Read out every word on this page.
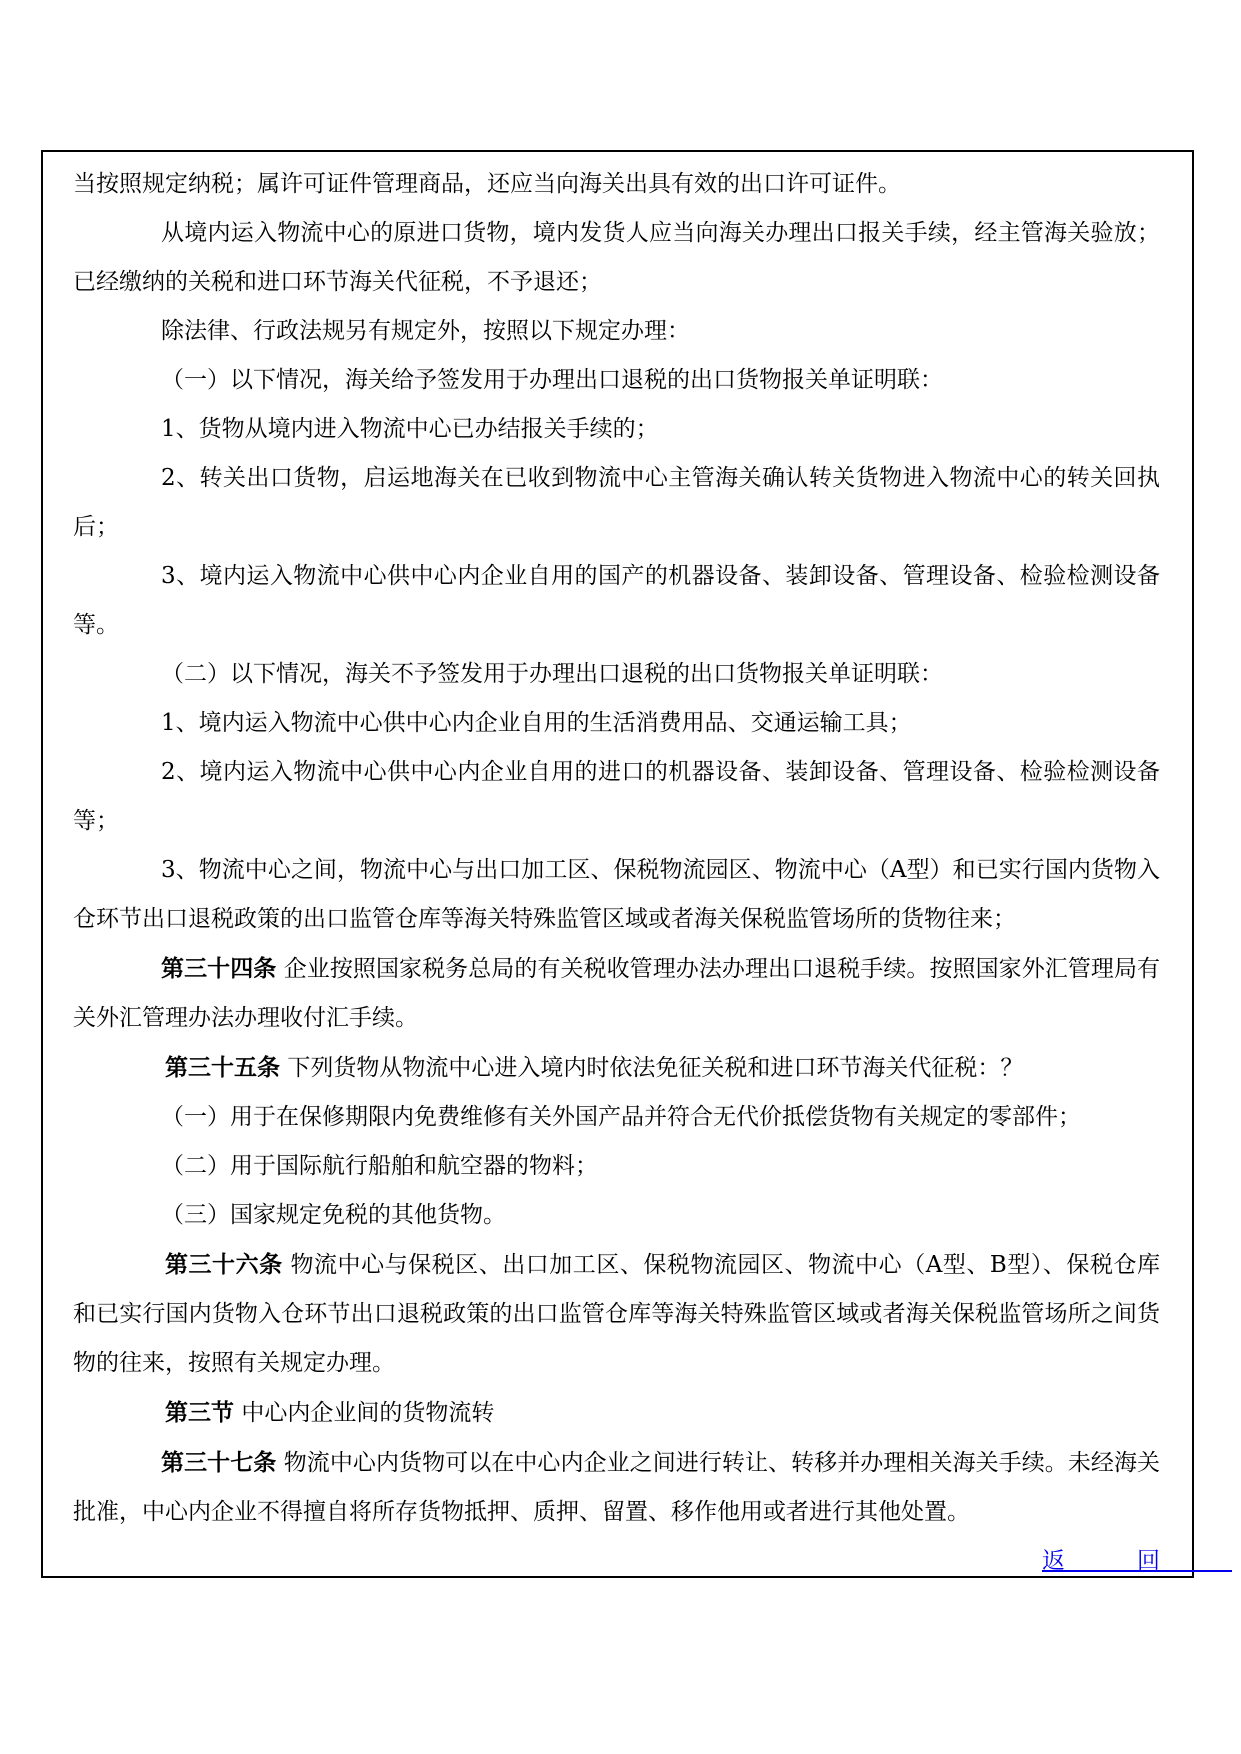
当按照规定纳税；属许可证件管理商品，还应当向海关出具有效的出口许可证件。

从境内运入物流中心的原进口货物，境内发货人应当向海关办理出口报关手续，经主管海关验放；已经缴纳的关税和进口环节海关代征税，不予退还；

除法律、行政法规另有规定外，按照以下规定办理：

（一）以下情况，海关给予签发用于办理出口退税的出口货物报关单证明联：

1、货物从境内进入物流中心已办结报关手续的；

2、转关出口货物，启运地海关在已收到物流中心主管海关确认转关货物进入物流中心的转关回执后；

3、境内运入物流中心供中心内企业自用的国产的机器设备、装卸设备、管理设备、检验检测设备等。

（二）以下情况，海关不予签发用于办理出口退税的出口货物报关单证明联：

1、境内运入物流中心供中心内企业自用的生活消费用品、交通运输工具；

2、境内运入物流中心供中心内企业自用的进口的机器设备、装卸设备、管理设备、检验检测设备等；

3、物流中心之间，物流中心与出口加工区、保税物流园区、物流中心（A型）和已实行国内货物入仓环节出口退税政策的出口监管仓库等海关特殊监管区域或者海关保税监管场所的货物往来；

第三十四条 企业按照国家税务总局的有关税收管理办法办理出口退税手续。按照国家外汇管理局有关外汇管理办法办理收付汇手续。

第三十五条 下列货物从物流中心进入境内时依法免征关税和进口环节海关代征税：？

（一）用于在保修期限内免费维修有关外国产品并符合无代价抵偿货物有关规定的零部件；

（二）用于国际航行船舶和航空器的物料；

（三）国家规定免税的其他货物。

第三十六条 物流中心与保税区、出口加工区、保税物流园区、物流中心（A型、B型）、保税仓库和已实行国内货物入仓环节出口退税政策的出口监管仓库等海关特殊监管区域或者海关保税监管场所之间货物的往来，按照有关规定办理。

第三节 中心内企业间的货物流转

第三十七条 物流中心内货物可以在中心内企业之间进行转让、转移并办理相关海关手续。未经海关批准，中心内企业不得擅自将所存货物抵押、质押、留置、移作他用或者进行其他处置。

返回
